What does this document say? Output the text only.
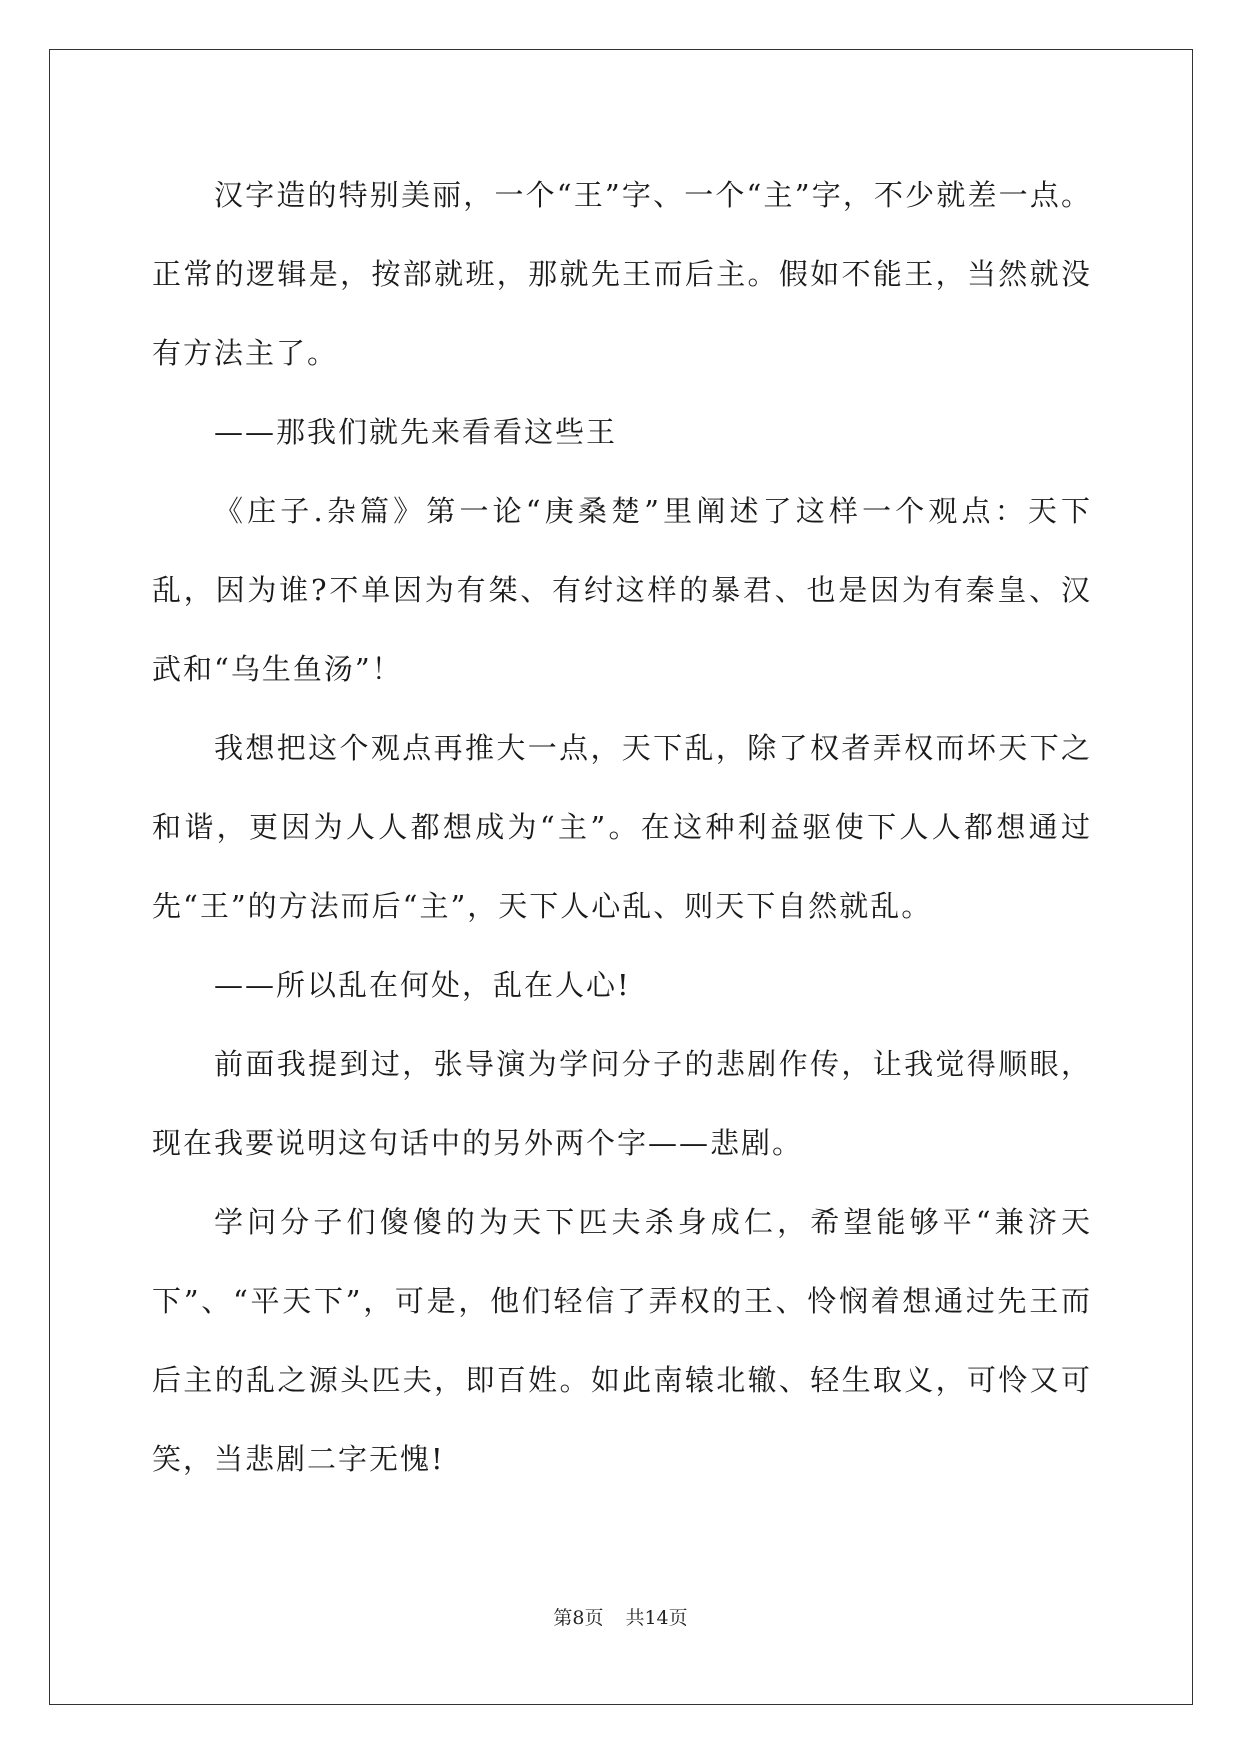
汉字造的特别美丽，一个“王”字、一个“主”字，不少就差一点。正常的逻辑是，按部就班，那就先王而后主。假如不能王，当然就没有方法主了。

——那我们就先来看看这些王

《庄子.杂篇》第一论“庚桑楚”里阐述了这样一个观点：天下乱，因为谁?不单因为有桀、有纣这样的暴君、也是因为有秦皇、汉武和“乌生鱼汤”！

我想把这个观点再推大一点，天下乱，除了权者弄权而坏天下之和谐，更因为人人都想成为“主”。在这种利益驱使下人人都想通过先“王”的方法而后“主”，天下人心乱、则天下自然就乱。

——所以乱在何处，乱在人心!

前面我提到过，张导演为学问分子的悲剧作传，让我觉得顺眼，现在我要说明这句话中的另外两个字——悲剧。

学问分子们傻傻的为天下匹夫杀身成仁，希望能够平“兼济天下”、“平天下”，可是，他们轻信了弄权的王、怜悯着想通过先王而后主的乱之源头匹夫，即百姓。如此南辕北辙、轻生取义，可怜又可笑，当悲剧二字无愧!

第8页 共14页
